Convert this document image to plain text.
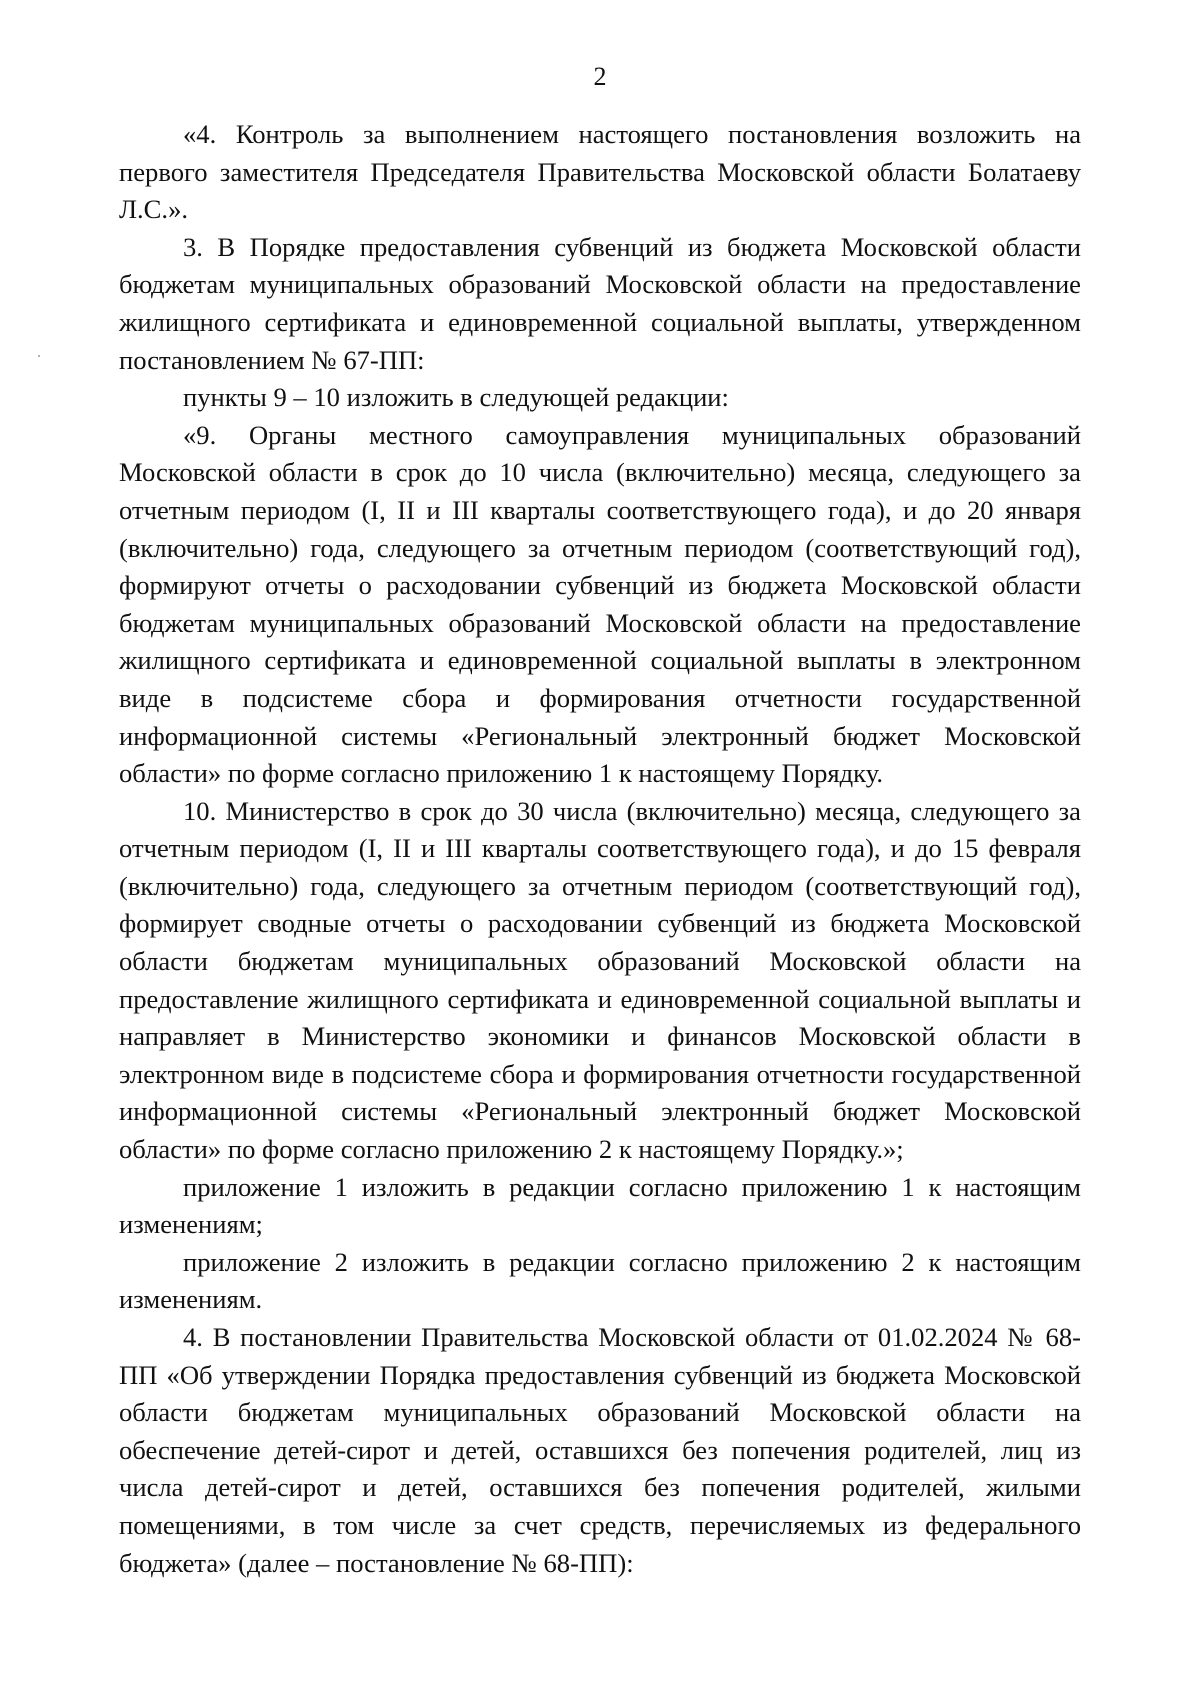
2

«4. Контроль за выполнением настоящего постановления возложить на первого заместителя Председателя Правительства Московской области Болатаеву Л.С.».

3. В Порядке предоставления субвенций из бюджета Московской области бюджетам муниципальных образований Московской области на предоставление жилищного сертификата и единовременной социальной выплаты, утвержденном постановлением № 67-ПП:

пункты 9 – 10 изложить в следующей редакции:

«9. Органы местного самоуправления муниципальных образований Московской области в срок до 10 числа (включительно) месяца, следующего за отчетным периодом (I, II и III кварталы соответствующего года), и до 20 января (включительно) года, следующего за отчетным периодом (соответствующий год), формируют отчеты о расходовании субвенций из бюджета Московской области бюджетам муниципальных образований Московской области на предоставление жилищного сертификата и единовременной социальной выплаты в электронном виде в подсистеме сбора и формирования отчетности государственной информационной системы «Региональный электронный бюджет Московской области» по форме согласно приложению 1 к настоящему Порядку.

10. Министерство в срок до 30 числа (включительно) месяца, следующего за отчетным периодом (I, II и III кварталы соответствующего года), и до 15 февраля (включительно) года, следующего за отчетным периодом (соответствующий год), формирует сводные отчеты о расходовании субвенций из бюджета Московской области бюджетам муниципальных образований Московской области на предоставление жилищного сертификата и единовременной социальной выплаты и направляет в Министерство экономики и финансов Московской области в электронном виде в подсистеме сбора и формирования отчетности государственной информационной системы «Региональный электронный бюджет Московской области» по форме согласно приложению 2 к настоящему Порядку.»;

приложение 1 изложить в редакции согласно приложению 1 к настоящим изменениям;

приложение 2 изложить в редакции согласно приложению 2 к настоящим изменениям.

4. В постановлении Правительства Московской области от 01.02.2024 № 68-ПП «Об утверждении Порядка предоставления субвенций из бюджета Московской области бюджетам муниципальных образований Московской области на обеспечение детей-сирот и детей, оставшихся без попечения родителей, лиц из числа детей-сирот и детей, оставшихся без попечения родителей, жилыми помещениями, в том числе за счет средств, перечисляемых из федерального бюджета» (далее – постановление № 68-ПП):
